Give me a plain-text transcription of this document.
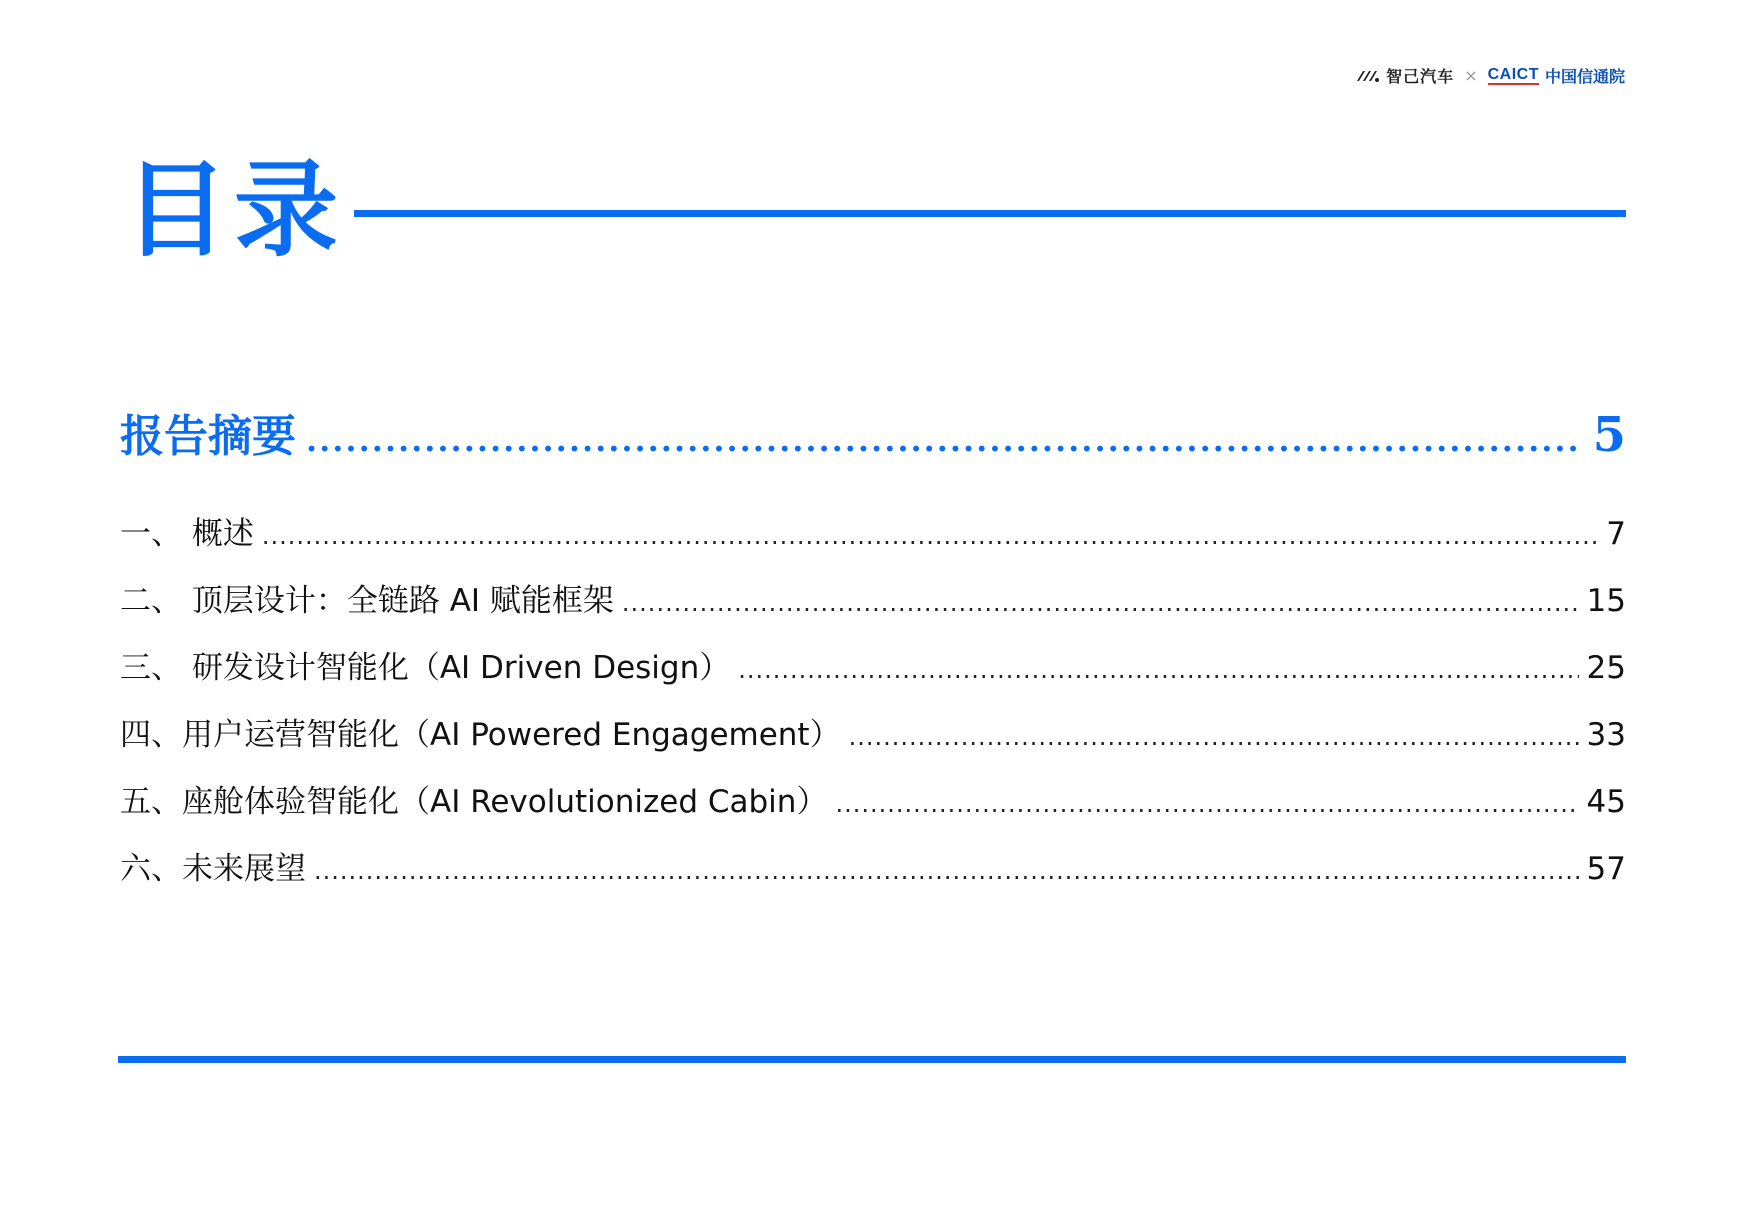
智己汽车 × CAICT 中国信通院
目录
报告摘要 .....	5
一、 概述 .....	7
二、 顶层设计：全链路 AI 赋能框架 .....	15
三、 研发设计智能化（AI Driven Design） .....	25
四、用户运营智能化（AI Powered Engagement） .....	33
五、座舱体验智能化（AI Revolutionized Cabin） .....	45
六、未来展望 .....	57
